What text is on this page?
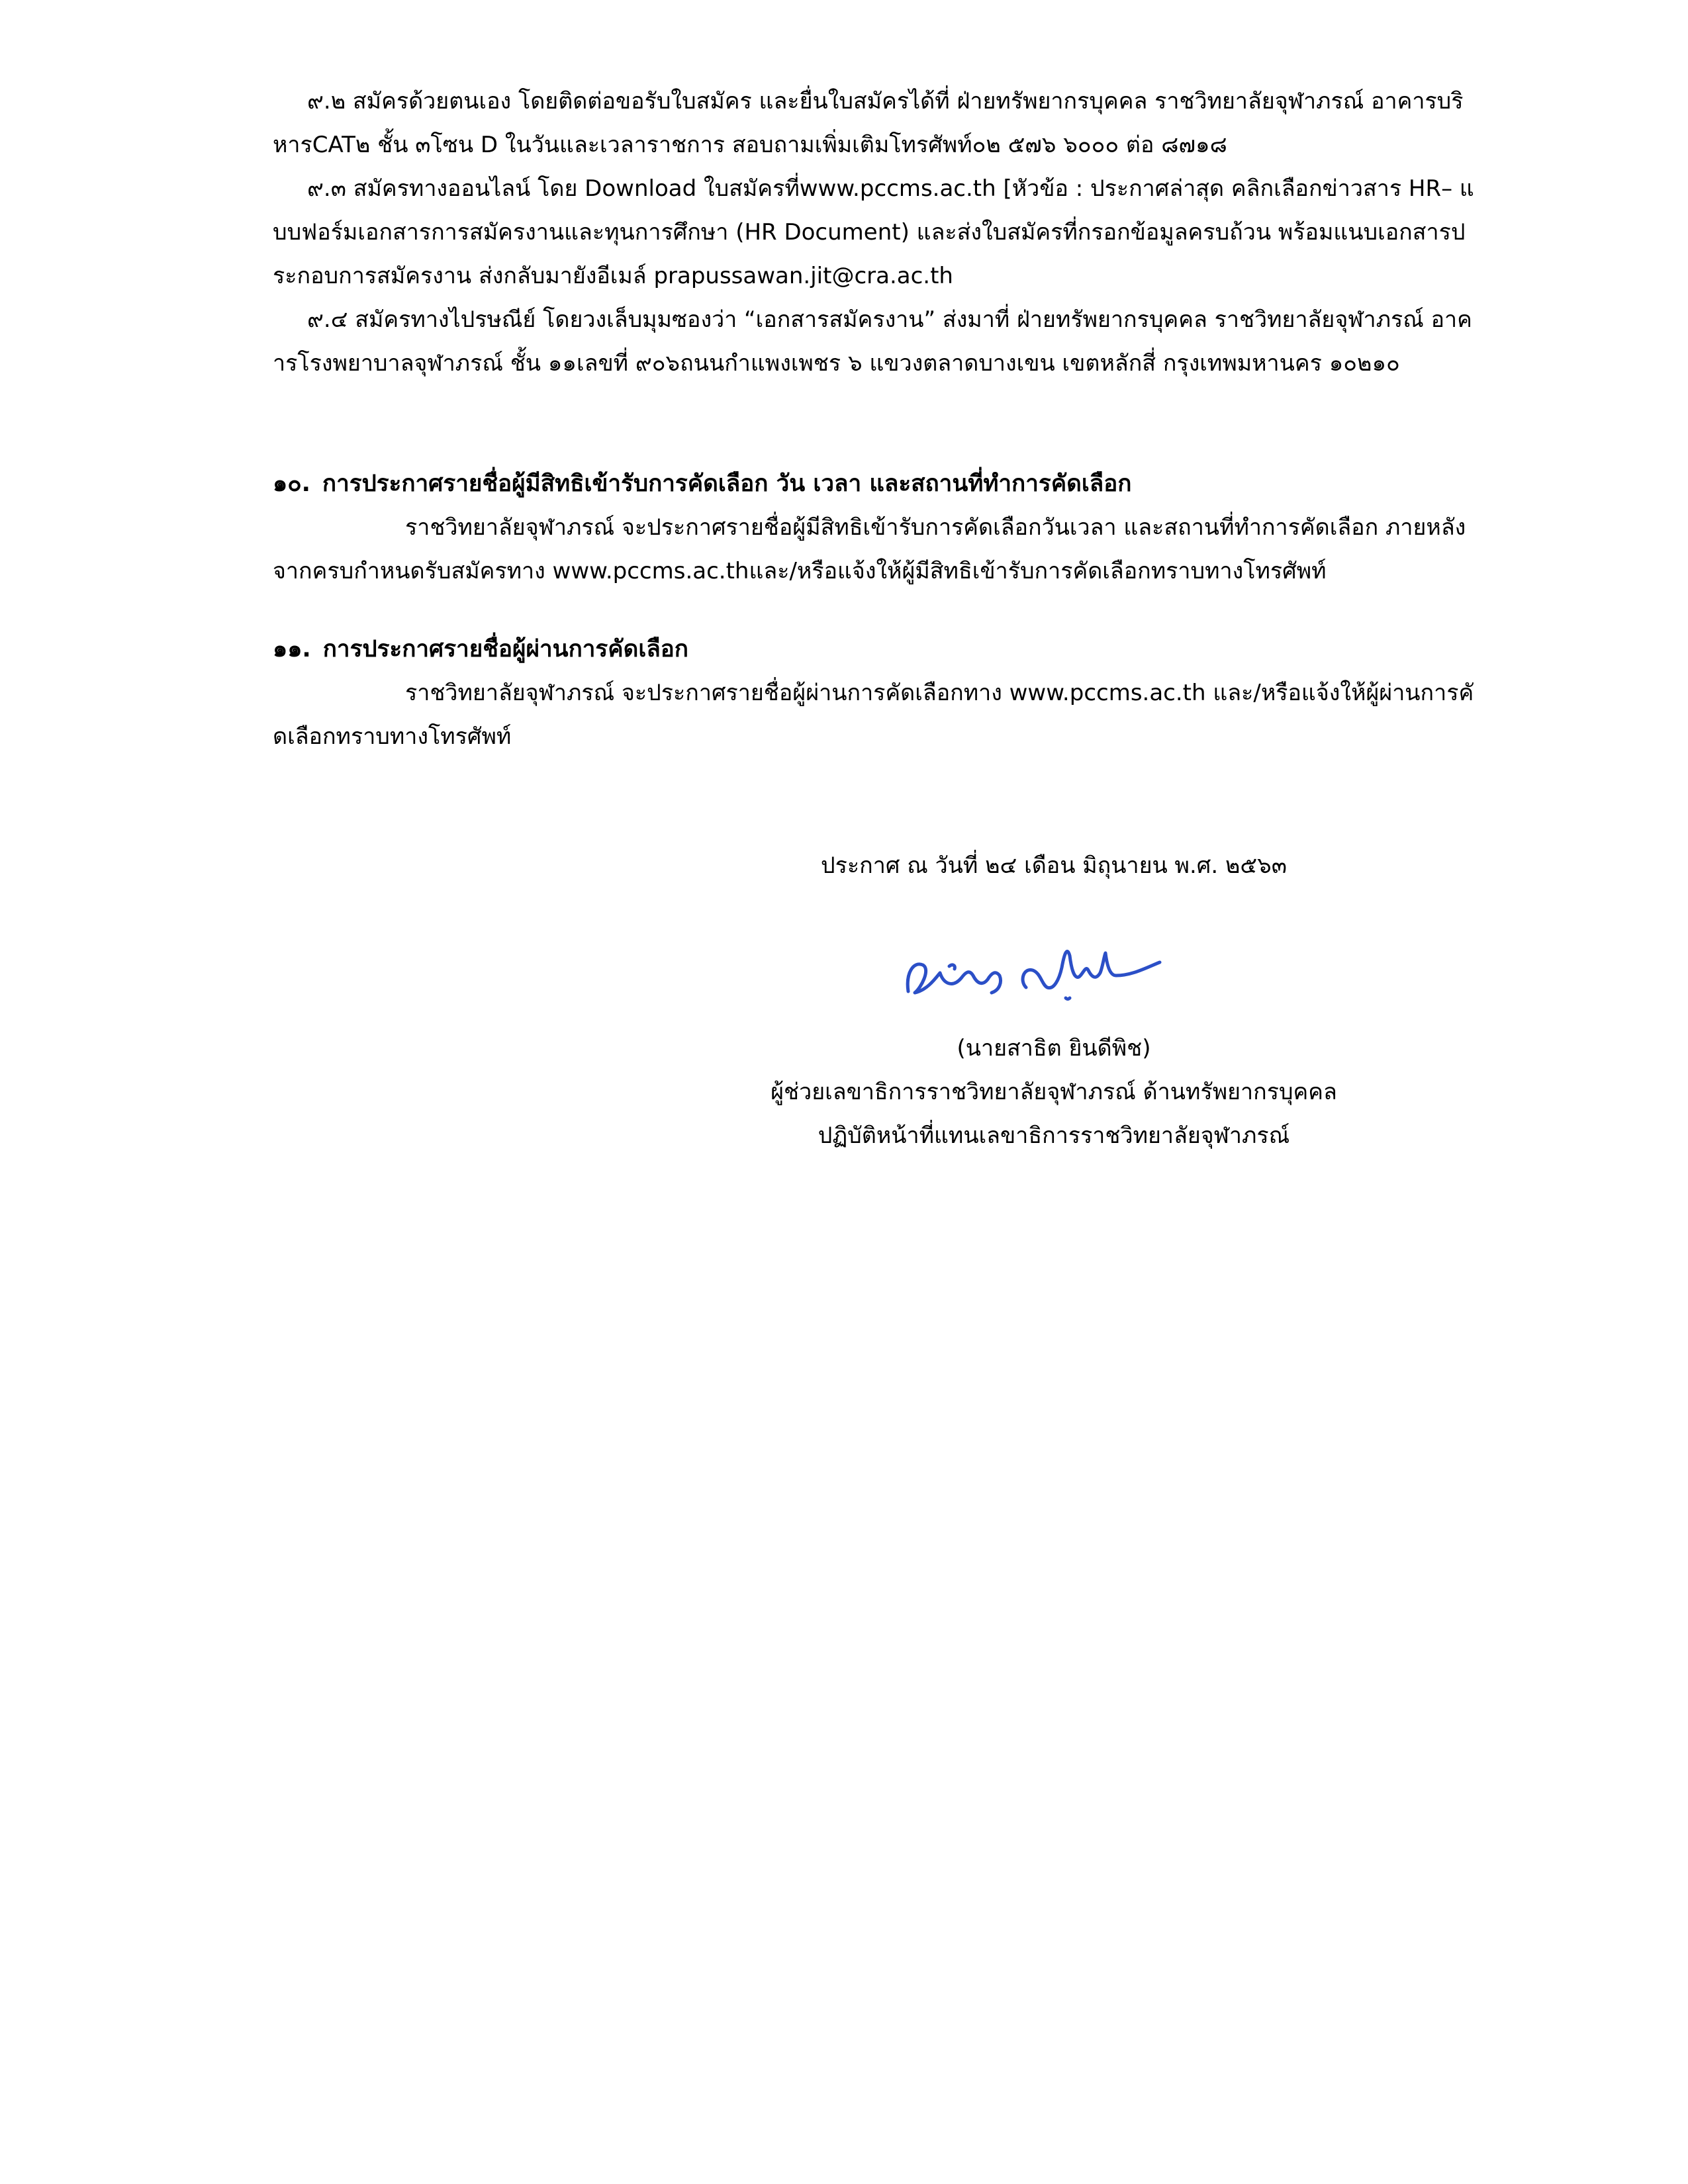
๙.๒ สมัครด้วยตนเอง โดยติดต่อขอรับใบสมัคร และยื่นใบสมัครได้ที่ ฝ่ายทรัพยากรบุคคล ราชวิทยาลัยจุฬาภรณ์ อาคารบริหารCAT๒ ชั้น ๓โซน D ในวันและเวลาราชการ สอบถามเพิ่มเติมโทรศัพท์๐๒ ๕๗๖ ๖๐๐๐ ต่อ ๘๗๑๘

๙.๓ สมัครทางออนไลน์ โดย Download ใบสมัครที่www.pccms.ac.th [หัวข้อ : ประกาศล่าสุด คลิกเลือกข่าวสาร HR– แบบฟอร์มเอกสารการสมัครงานและทุนการศึกษา (HR Document) และส่งใบสมัครที่กรอกข้อมูลครบถ้วน พร้อมแนบเอกสารประกอบการสมัครงาน ส่งกลับมายังอีเมล์ prapussawan.jit@cra.ac.th

๙.๔ สมัครทางไปรษณีย์ โดยวงเล็บมุมซองว่า “เอกสารสมัครงาน” ส่งมาที่ ฝ่ายทรัพยากรบุคคล ราชวิทยาลัยจุฬาภรณ์ อาคารโรงพยาบาลจุฬาภรณ์ ชั้น ๑๑เลขที่ ๙๐๖ถนนกำแพงเพชร ๖ แขวงตลาดบางเขน เขตหลักสี่ กรุงเทพมหานคร ๑๐๒๑๐

๑๐. การประกาศรายชื่อผู้มีสิทธิเข้ารับการคัดเลือก วัน เวลา และสถานที่ทำการคัดเลือก

ราชวิทยาลัยจุฬาภรณ์ จะประกาศรายชื่อผู้มีสิทธิเข้ารับการคัดเลือกวันเวลา และสถานที่ทำการคัดเลือก ภายหลังจากครบกำหนดรับสมัครทาง www.pccms.ac.thและ/หรือแจ้งให้ผู้มีสิทธิเข้ารับการคัดเลือกทราบทางโทรศัพท์

๑๑. การประกาศรายชื่อผู้ผ่านการคัดเลือก

ราชวิทยาลัยจุฬาภรณ์ จะประกาศรายชื่อผู้ผ่านการคัดเลือกทาง www.pccms.ac.th และ/หรือแจ้งให้ผู้ผ่านการคัดเลือกทราบทางโทรศัพท์

ประกาศ ณ วันที่ ๒๔ เดือน มิถุนายน พ.ศ. ๒๕๖๓
(นายสาธิต ยินดีพิช)
ผู้ช่วยเลขาธิการราชวิทยาลัยจุฬาภรณ์ ด้านทรัพยากรบุคคล
ปฏิบัติหน้าที่แทนเลขาธิการราชวิทยาลัยจุฬาภรณ์
